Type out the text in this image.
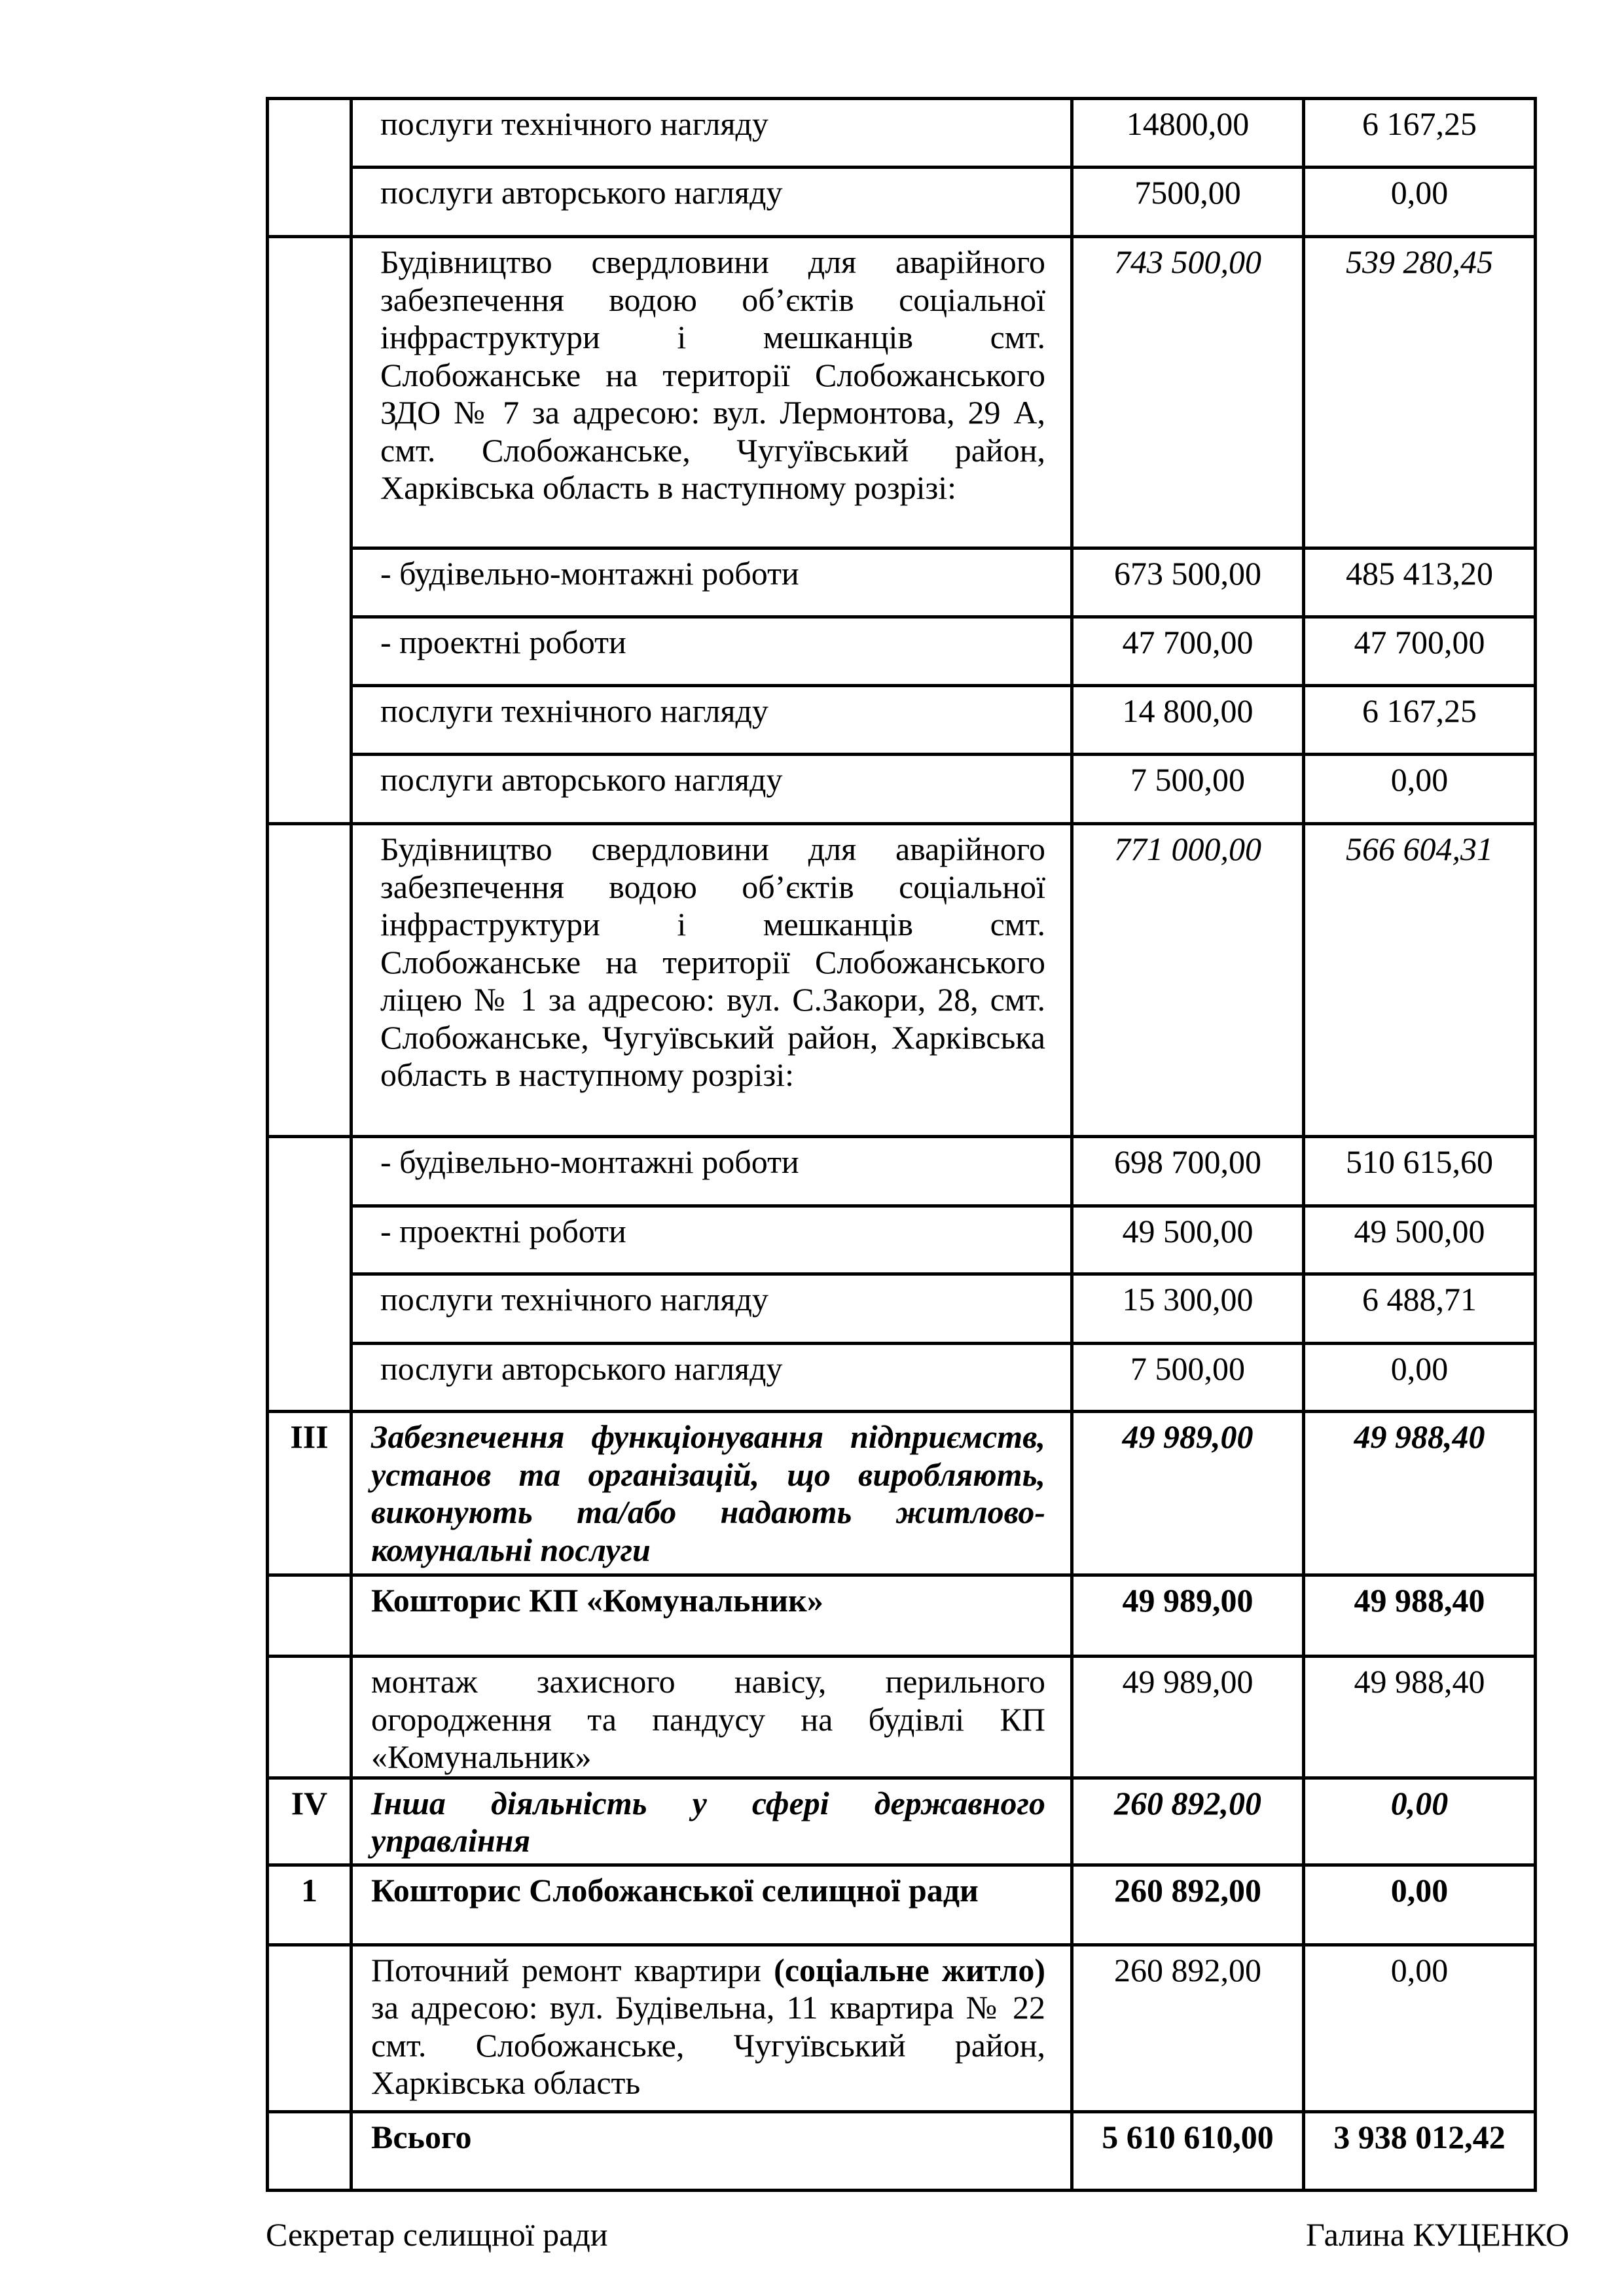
	послуги технічного нагляду	14800,00	6 167,25

	послуги авторського нагляду	7500,00	0,00

	Будівництво свердловини для аварійного забезпечення водою об’єктів соціальної інфраструктури і мешканців смт. Слобожанське на території Слобожанського ЗДО № 7 за адресою: вул. Лермонтова, 29 А, смт. Слобожанське, Чугуївський район, Харківська область в наступному розрізі:	743 500,00	539 280,45

	- будівельно-монтажні роботи	673 500,00	485 413,20

	- проектні роботи	47 700,00	47 700,00

	послуги технічного нагляду	14 800,00	6 167,25

	послуги авторського нагляду	7 500,00	0,00

	Будівництво свердловини для аварійного забезпечення водою об’єктів соціальної інфраструктури і мешканців смт. Слобожанське на території Слобожанського ліцею № 1 за адресою: вул. С.Закори, 28, смт. Слобожанське, Чугуївський район, Харківська область в наступному розрізі:	771 000,00	566 604,31

	- будівельно-монтажні роботи	698 700,00	510 615,60

	- проектні роботи	49 500,00	49 500,00

	послуги технічного нагляду	15 300,00	6 488,71

	послуги авторського нагляду	7 500,00	0,00

III	Забезпечення функціонування підприємств, установ та організацій, що виробляють, виконують та/або надають житлово-комунальні послуги	49 989,00	49 988,40

	Кошторис КП «Комунальник»	49 989,00	49 988,40

	монтаж захисного навісу, перильного огородження та пандусу на будівлі КП «Комунальник»	49 989,00	49 988,40

IV	Інша діяльність у сфері державного управління	260 892,00	0,00

1	Кошторис Слобожанської селищної ради	260 892,00	0,00

	Поточний ремонт квартири (соціальне житло) за адресою: вул. Будівельна, 11 квартира № 22 смт. Слобожанське, Чугуївський район, Харківська область	260 892,00	0,00

	Всього	5 610 610,00	3 938 012,42
Секретар селищної ради	Галина КУЦЕНКО
